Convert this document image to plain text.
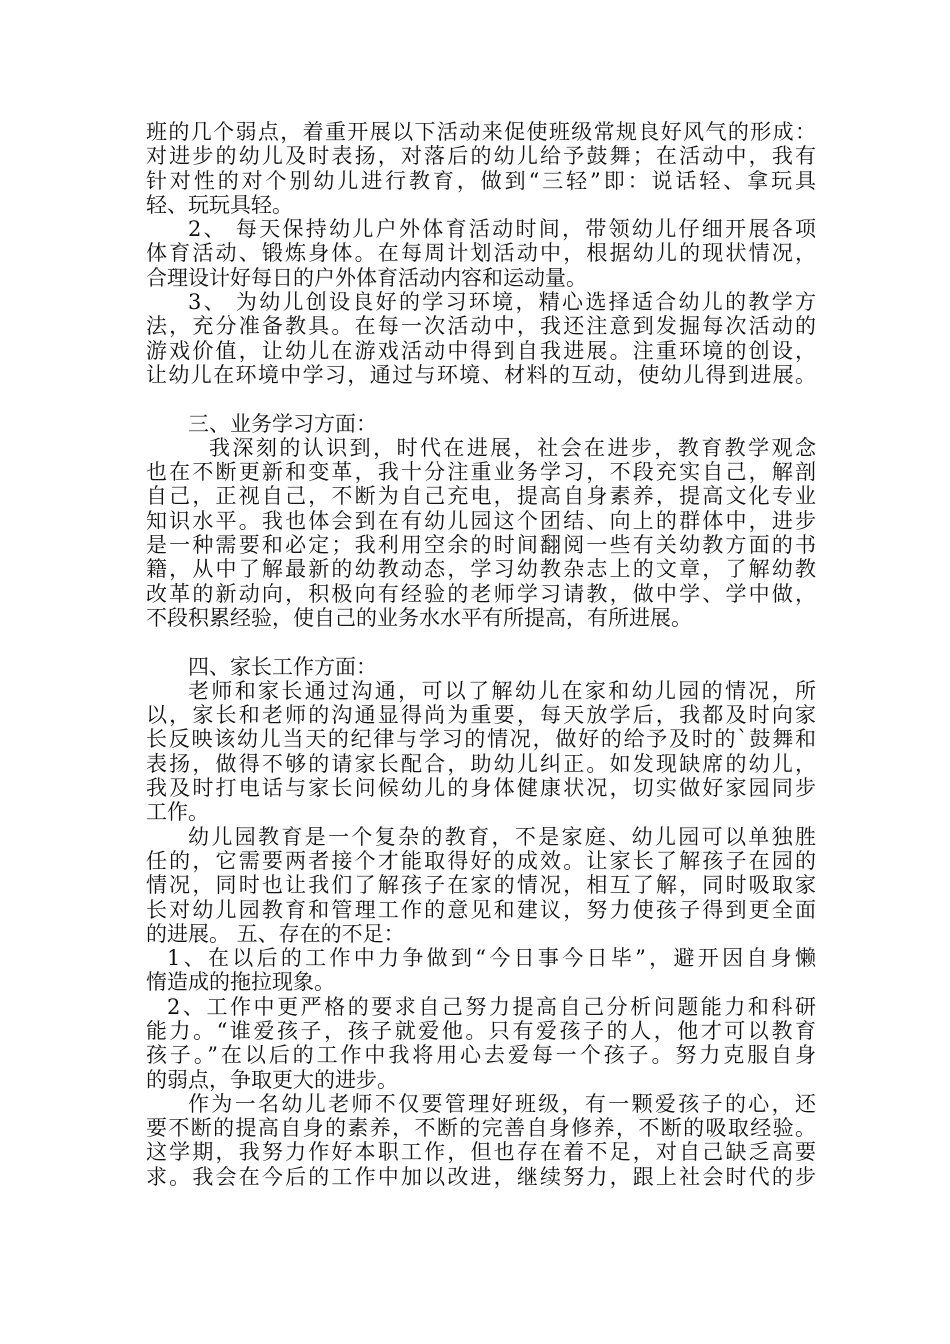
班的几个弱点，着重开展以下活动来促使班级常规良好风气的形成：
对进步的幼儿及时表扬，对落后的幼儿给予鼓舞；在活动中，我有
针对性的对个别幼儿进行教育，做到“三轻”即：说话轻、拿玩具
轻、玩玩具轻。
2、 每天保持幼儿户外体育活动时间，带领幼儿仔细开展各项
体育活动、锻炼身体。在每周计划活动中，根据幼儿的现状情况，
合理设计好每日的户外体育活动内容和运动量。
3、 为幼儿创设良好的学习环境，精心选择适合幼儿的教学方
法，充分准备教具。在每一次活动中，我还注意到发掘每次活动的
游戏价值，让幼儿在游戏活动中得到自我进展。注重环境的创设，
让幼儿在环境中学习，通过与环境、材料的互动，使幼儿得到进展。
三、业务学习方面：
我深刻的认识到，时代在进展，社会在进步，教育教学观念
也在不断更新和变革，我十分注重业务学习，不段充实自己，解剖
自己，正视自己，不断为自己充电，提高自身素养，提高文化专业
知识水平。我也体会到在有幼儿园这个团结、向上的群体中，进步
是一种需要和必定；我利用空余的时间翻阅一些有关幼教方面的书
籍，从中了解最新的幼教动态，学习幼教杂志上的文章，了解幼教
改革的新动向，积极向有经验的老师学习请教，做中学、学中做，
不段积累经验，使自己的业务水水平有所提高，有所进展。
四、家长工作方面：
老师和家长通过沟通，可以了解幼儿在家和幼儿园的情况，所
以，家长和老师的沟通显得尚为重要，每天放学后，我都及时向家
长反映该幼儿当天的纪律与学习的情况，做好的给予及时的`鼓舞和
表扬，做得不够的请家长配合，助幼儿纠正。如发现缺席的幼儿，
我及时打电话与家长问候幼儿的身体健康状况，切实做好家园同步
工作。
幼儿园教育是一个复杂的教育，不是家庭、幼儿园可以单独胜
任的，它需要两者接个才能取得好的成效。让家长了解孩子在园的
情况，同时也让我们了解孩子在家的情况，相互了解，同时吸取家
长对幼儿园教育和管理工作的意见和建议，努力使孩子得到更全面
的进展。 五、存在的不足：
1、在以后的工作中力争做到“今日事今日毕”，避开因自身懒
惰造成的拖拉现象。
2、工作中更严格的要求自己努力提高自己分析问题能力和科研
能力。“谁爱孩子，孩子就爱他。只有爱孩子的人，他才可以教育
孩子。”在以后的工作中我将用心去爱每一个孩子。努力克服自身
的弱点，争取更大的进步。
作为一名幼儿老师不仅要管理好班级，有一颗爱孩子的心，还
要不断的提高自身的素养，不断的完善自身修养，不断的吸取经验。
这学期，我努力作好本职工作，但也存在着不足，对自己缺乏高要
求。我会在今后的工作中加以改进，继续努力，跟上社会时代的步
